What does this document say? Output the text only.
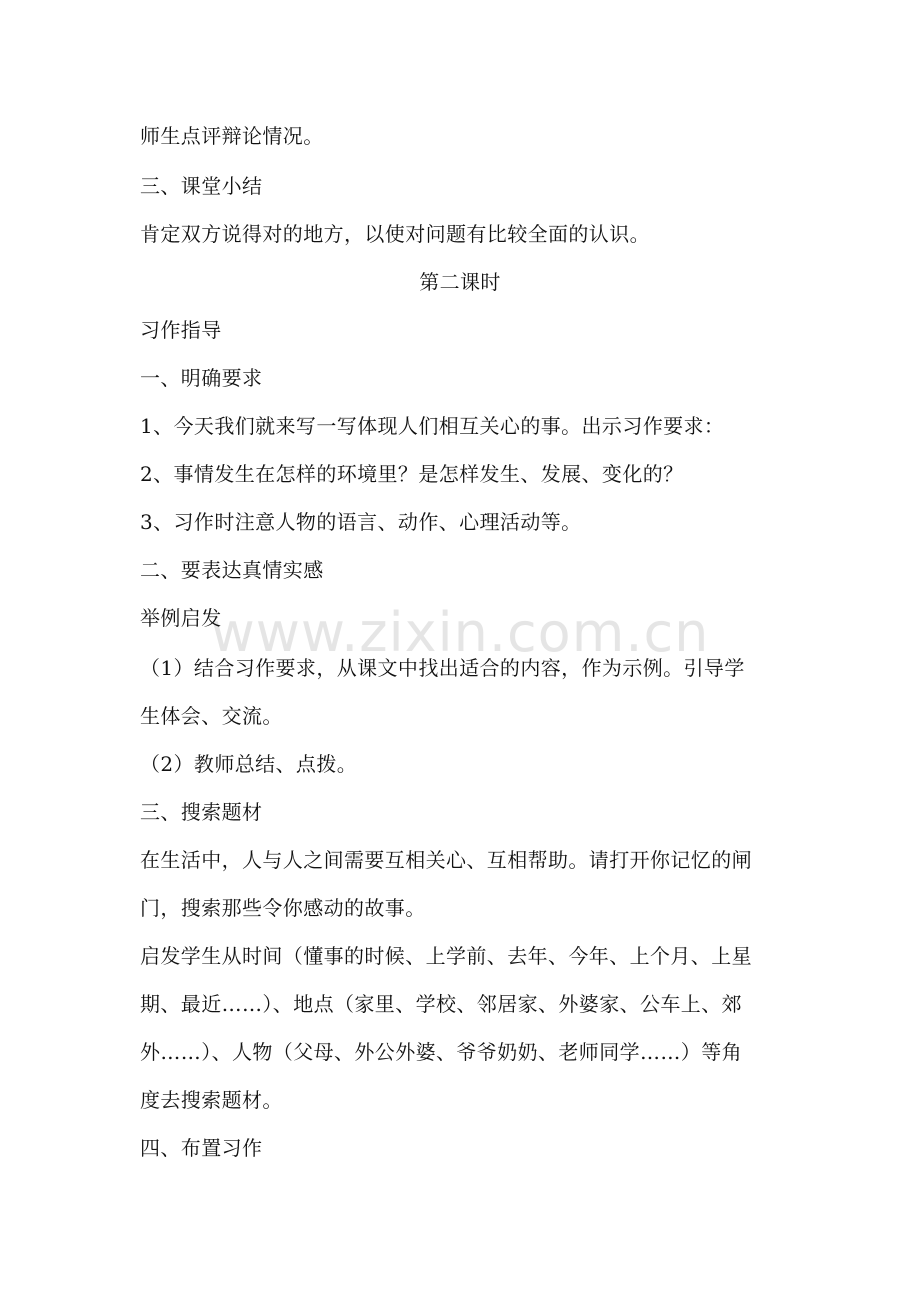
www.zixin.com.cn
师生点评辩论情况。
三、课堂小结
肯定双方说得对的地方，以使对问题有比较全面的认识。
第二课时
习作指导
一、明确要求
1、今天我们就来写一写体现人们相互关心的事。出示习作要求：
2、事情发生在怎样的环境里？是怎样发生、发展、变化的？
3、习作时注意人物的语言、动作、心理活动等。
二、要表达真情实感
举例启发
（1）结合习作要求，从课文中找出适合的内容，作为示例。引导学
生体会、交流。
（2）教师总结、点拨。
三、搜索题材
在生活中，人与人之间需要互相关心、互相帮助。请打开你记忆的闸
门，搜索那些令你感动的故事。
启发学生从时间（懂事的时候、上学前、去年、今年、上个月、上星
期、最近……）、地点（家里、学校、邻居家、外婆家、公车上、郊
外……）、人物（父母、外公外婆、爷爷奶奶、老师同学……）等角
度去搜索题材。
四、布置习作
